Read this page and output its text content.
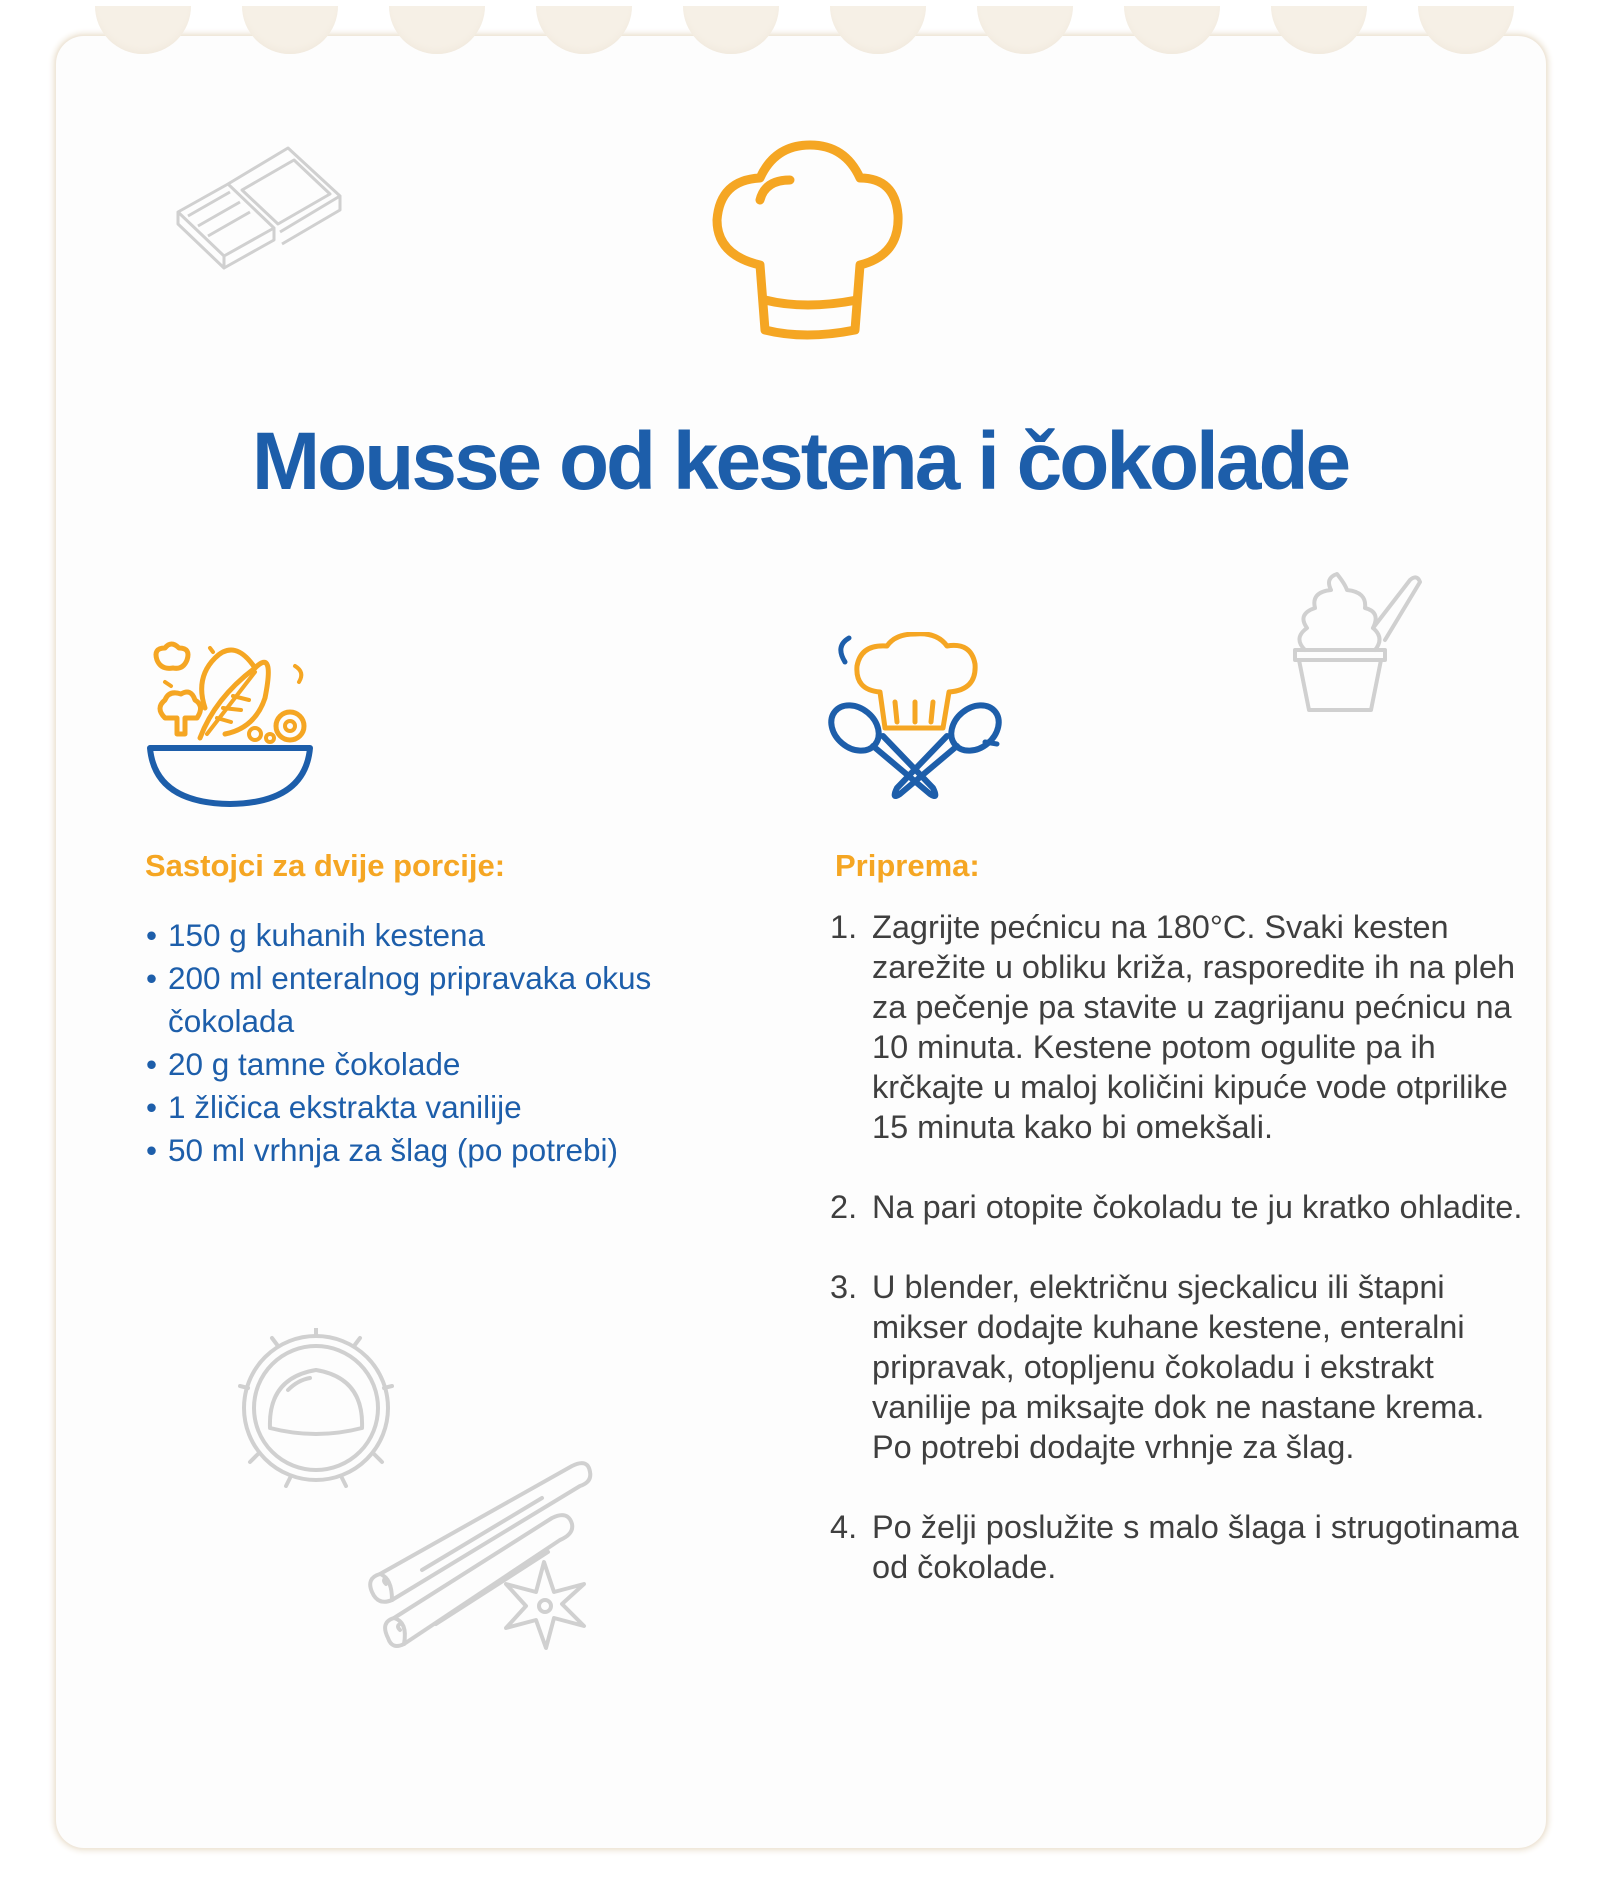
Mousse od kestena i čokolade
Sastojci za dvije porcije:	Priprema:
• 150 g kuhanih kestena
• 200 ml enteralnog pripravaka okus čokolada
• 20 g tamne čokolade
• 1 žličica ekstrakta vanilije
• 50 ml vrhnja za šlag (po potrebi)
1. Zagrijte pećnicu na 180°C. Svaki kesten zarežite u obliku križa, rasporedite ih na pleh za pečenje pa stavite u zagrijanu pećnicu na 10 minuta. Kestene potom ogulite pa ih krčkajte u maloj količini kipuće vode otprilike 15 minuta kako bi omekšali.
2. Na pari otopite čokoladu te ju kratko ohladite.
3. U blender, električnu sjeckalicu ili štapni mikser dodajte kuhane kestene, enteralni pripravak, otopljenu čokoladu i ekstrakt vanilije pa miksajte dok ne nastane krema. Po potrebi dodajte vrhnje za šlag.
4. Po želji poslužite s malo šlaga i strugotinama od čokolade.
